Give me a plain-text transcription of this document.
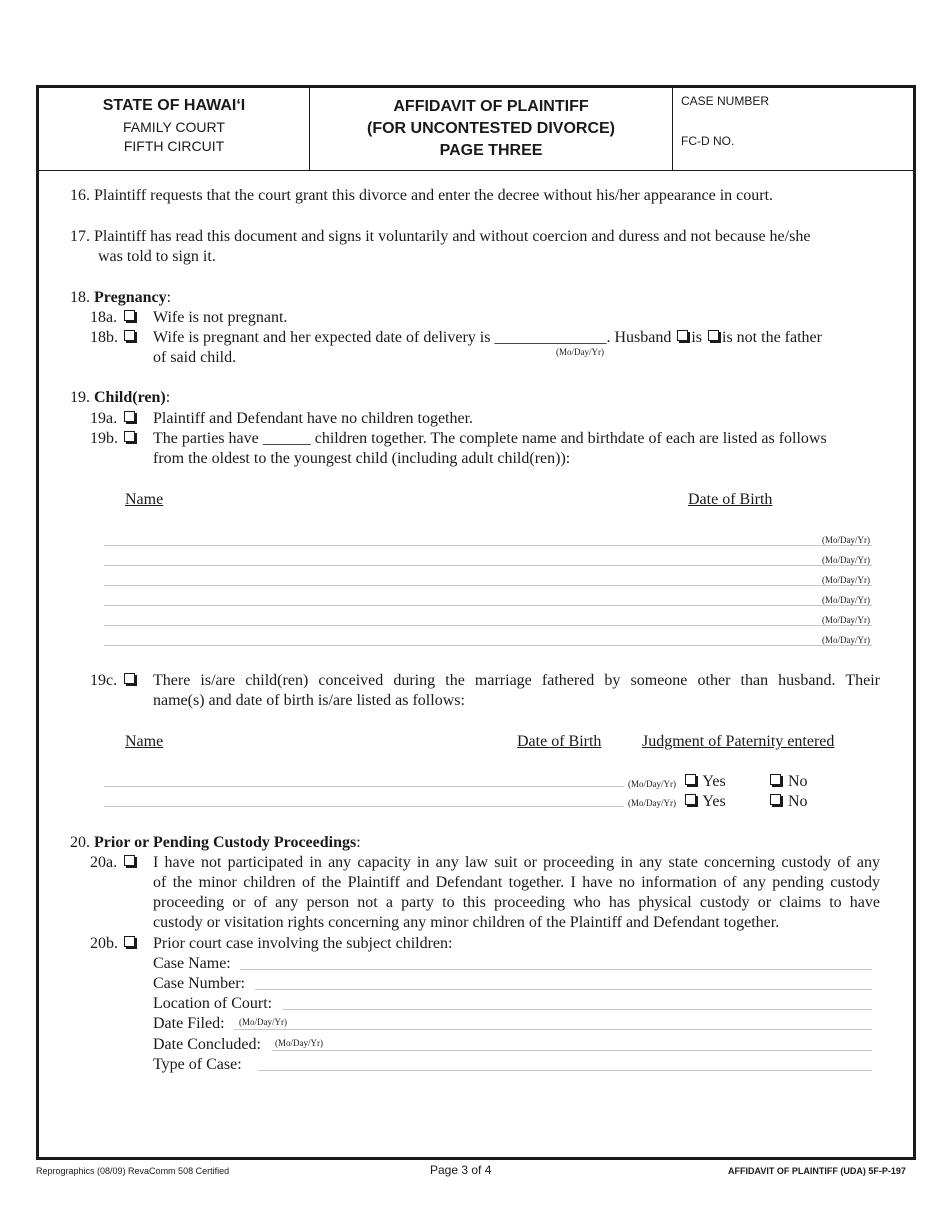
STATE OF HAWAI‘I
FAMILY COURT
FIFTH CIRCUIT
AFFIDAVIT OF PLAINTIFF
(FOR UNCONTESTED DIVORCE)
PAGE THREE
CASE NUMBER
FC-D NO.
16. Plaintiff requests that the court grant this divorce and enter the decree without his/her appearance in court.
17. Plaintiff has read this document and signs it voluntarily and without coercion and duress and not because he/she
was told to sign it.
18. Pregnancy:
18a. Wife is not pregnant.
18b. Wife is pregnant and her expected date of delivery is ______________. Husband is is not the father
(Mo/Day/Yr)
of said child.
19. Child(ren):
19a. Plaintiff and Defendant have no children together.
19b. The parties have ______ children together. The complete name and birthdate of each are listed as follows
from the oldest to the youngest child (including adult child(ren)):
Name	Date of Birth
(Mo/Day/Yr)
(Mo/Day/Yr)
(Mo/Day/Yr)
(Mo/Day/Yr)
(Mo/Day/Yr)
(Mo/Day/Yr)
19c. There is/are child(ren) conceived during the marriage fathered by someone other than husband. Their
name(s) and date of birth is/are listed as follows:
Name	Date of Birth	Judgment of Paternity entered
(Mo/Day/Yr)	Yes	No
(Mo/Day/Yr)	Yes	No
20. Prior or Pending Custody Proceedings:
20a. I have not participated in any capacity in any law suit or proceeding in any state concerning custody of any
of the minor children of the Plaintiff and Defendant together. I have no information of any pending custody
proceeding or of any person not a party to this proceeding who has physical custody or claims to have
custody or visitation rights concerning any minor children of the Plaintiff and Defendant together.
20b. Prior court case involving the subject children:
Case Name:
Case Number:
Location of Court:
Date Filed: (Mo/Day/Yr)
Date Concluded: (Mo/Day/Yr)
Type of Case:
Reprographics (08/09) RevaComm 508 Certified	Page 3 of 4	AFFIDAVIT OF PLAINTIFF (UDA) 5F-P-197
